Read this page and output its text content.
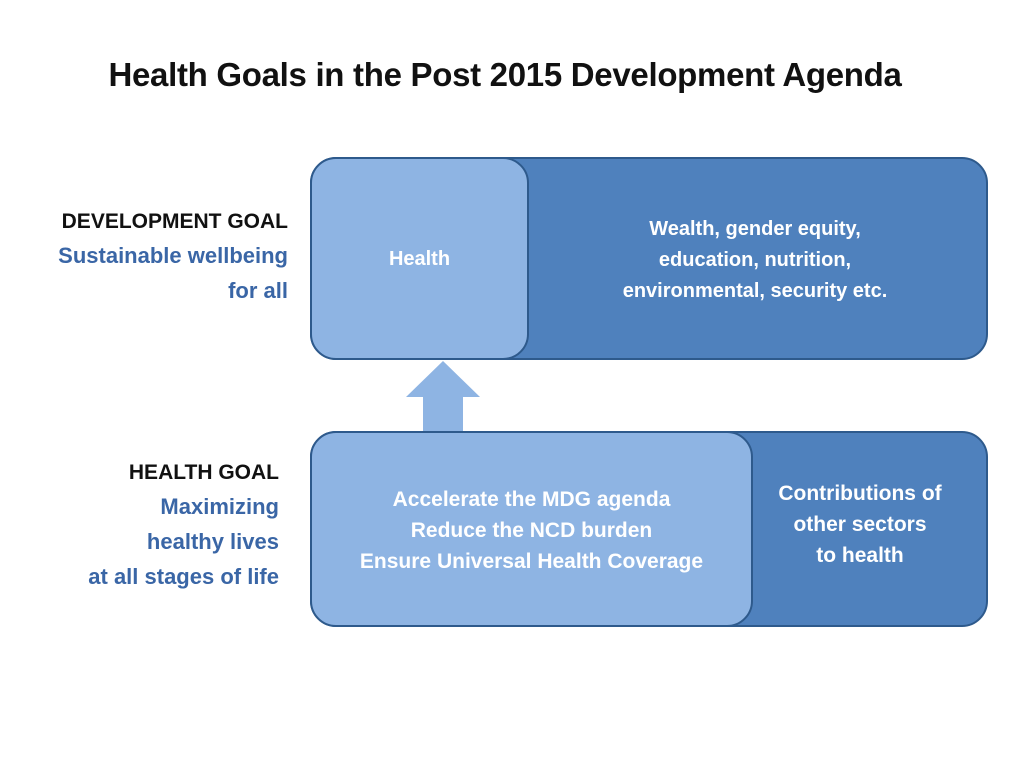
Health Goals in the Post 2015 Development Agenda
DEVELOPMENT GOAL
Sustainable wellbeing
for all
Health
Wealth, gender equity,
education, nutrition,
environmental, security etc.
HEALTH GOAL
Maximizing
healthy lives
at all stages of life
Accelerate the MDG agenda
Reduce the NCD burden
Ensure Universal Health Coverage
Contributions of
other sectors
to health
